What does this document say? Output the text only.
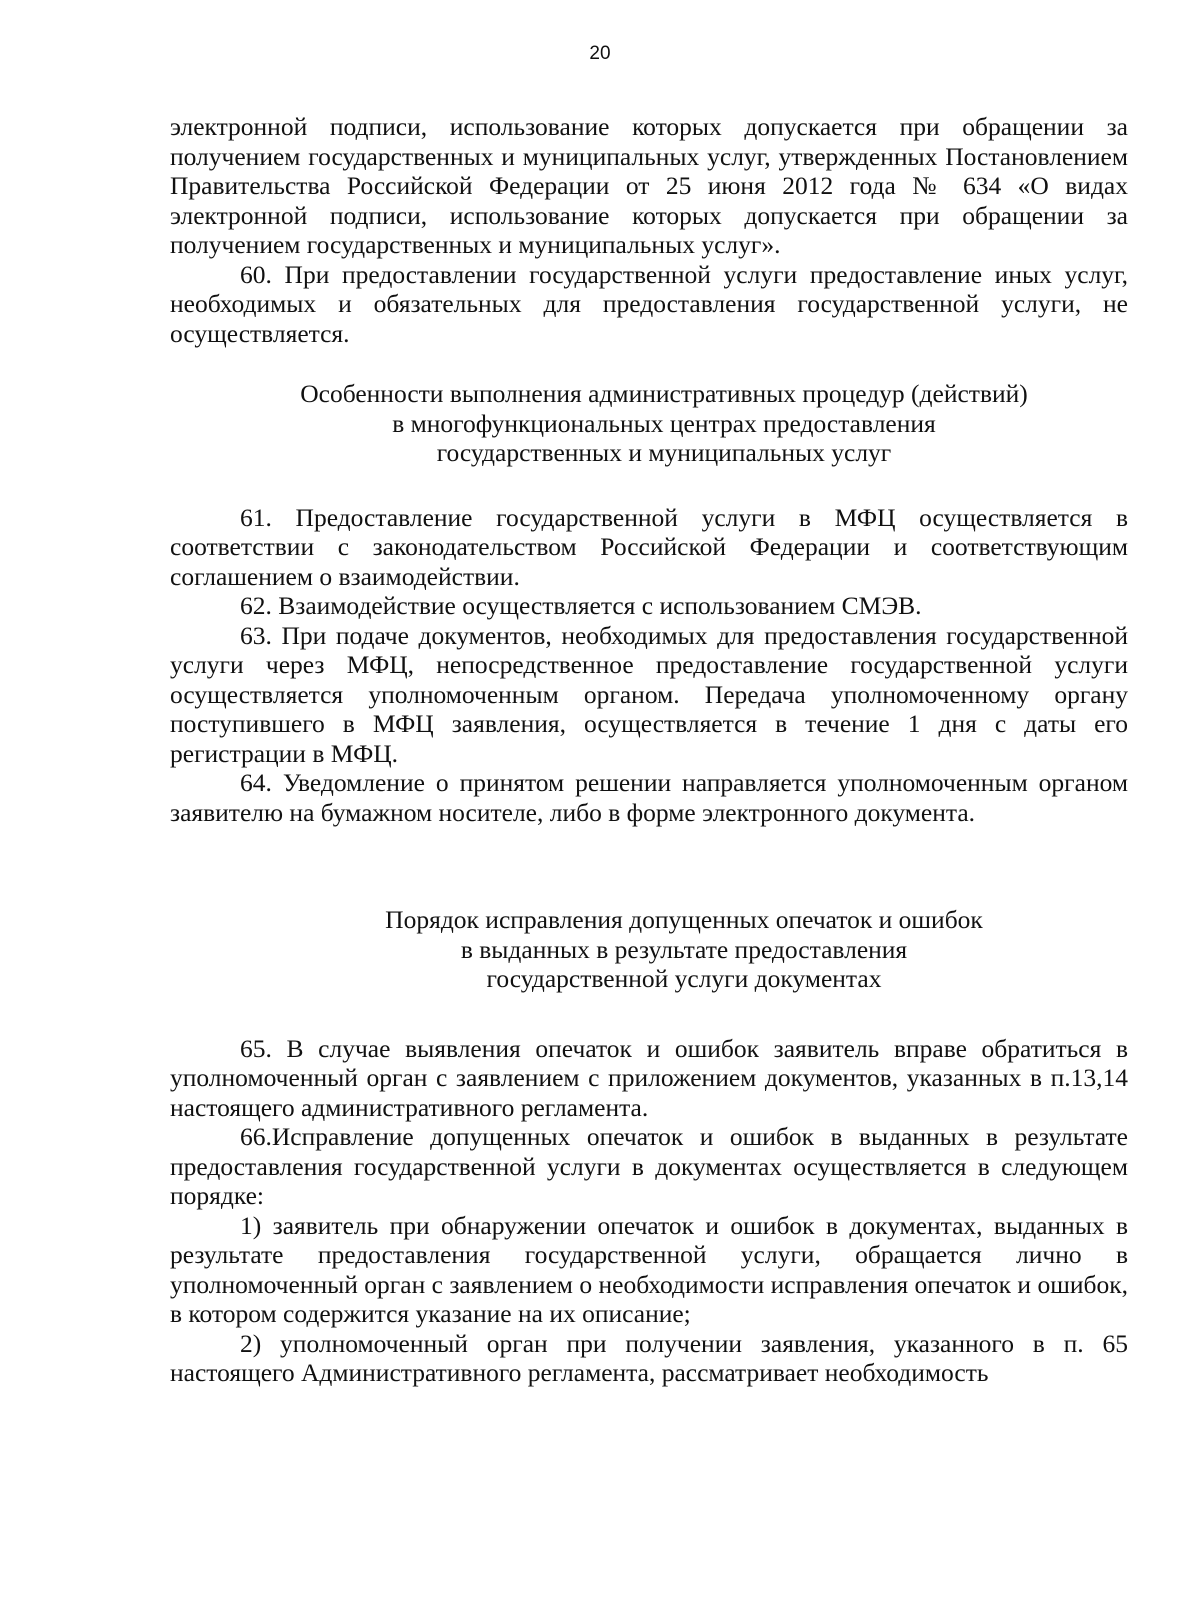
20

электронной подписи, использование которых допускается при обращении за получением государственных и муниципальных услуг, утвержденных Постановлением Правительства Российской Федерации от 25 июня 2012 года № 634 «О видах электронной подписи, использование которых допускается при обращении за получением государственных и муниципальных услуг».

60. При предоставлении государственной услуги предоставление иных услуг, необходимых и обязательных для предоставления государственной услуги, не осуществляется.

Особенности выполнения административных процедур (действий)
в многофункциональных центрах предоставления
государственных и муниципальных услуг

61. Предоставление государственной услуги в МФЦ осуществляется в соответствии с законодательством Российской Федерации и соответствующим соглашением о взаимодействии.

62. Взаимодействие осуществляется с использованием СМЭВ.

63. При подаче документов, необходимых для предоставления государственной услуги через МФЦ, непосредственное предоставление государственной услуги осуществляется уполномоченным органом. Передача уполномоченному органу поступившего в МФЦ заявления, осуществляется в течение 1 дня с даты его регистрации в МФЦ.

64. Уведомление о принятом решении направляется уполномоченным органом заявителю на бумажном носителе, либо в форме электронного документа.

Порядок исправления допущенных опечаток и ошибок
в выданных в результате предоставления
государственной услуги документах

65. В случае выявления опечаток и ошибок заявитель вправе обратиться в уполномоченный орган с заявлением с приложением документов, указанных в п.13,14 настоящего административного регламента.

66.Исправление допущенных опечаток и ошибок в выданных в результате предоставления государственной услуги в документах осуществляется в следующем порядке:

1) заявитель при обнаружении опечаток и ошибок в документах, выданных в результате предоставления государственной услуги, обращается лично в уполномоченный орган с заявлением о необходимости исправления опечаток и ошибок, в котором содержится указание на их описание;

2) уполномоченный орган при получении заявления, указанного в п. 65 настоящего Административного регламента, рассматривает необходимость
